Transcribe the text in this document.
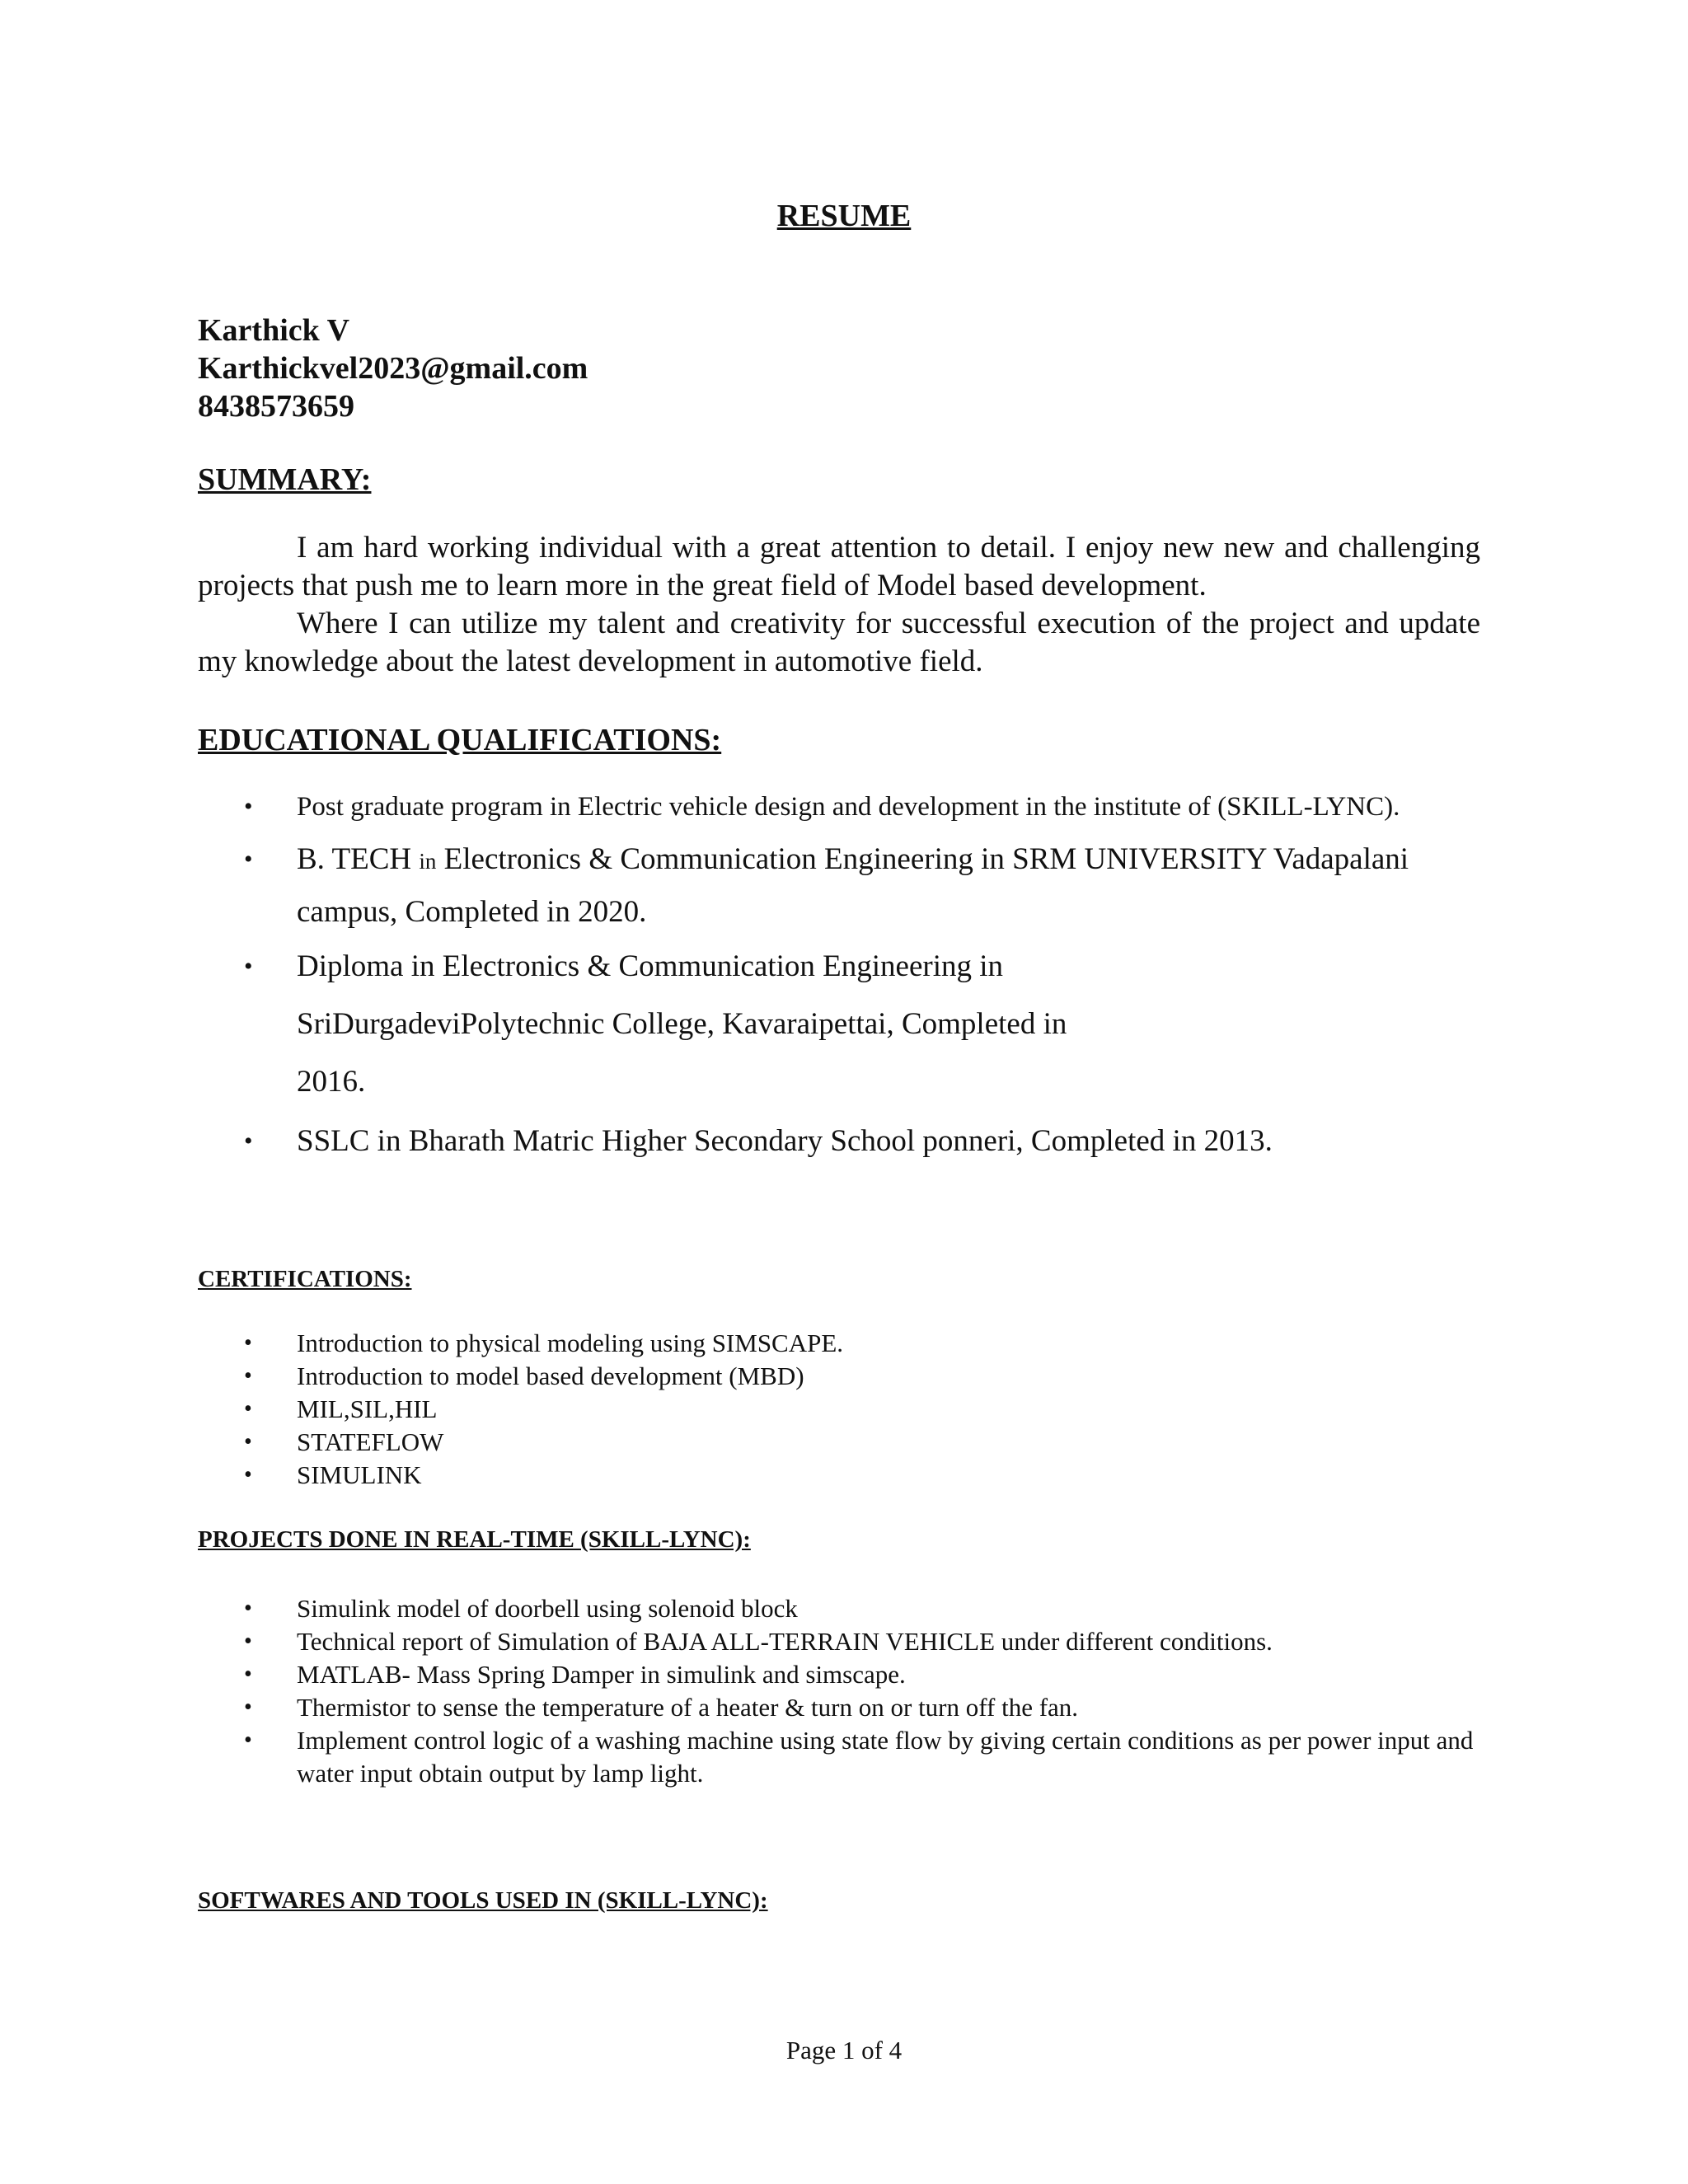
RESUME
Karthick V
Karthickvel2023@gmail.com
8438573659
SUMMARY:

I am hard working individual with a great attention to detail. I enjoy new new and challenging projects that push me to learn more in the great field of Model based development.

Where I can utilize my talent and creativity for successful execution of the project and update my knowledge about the latest development in automotive field.

EDUCATIONAL QUALIFICATIONS:
• Post graduate program in Electric vehicle design and development in the institute of (SKILL-LYNC).
• B. TECH in Electronics & Communication Engineering in SRM UNIVERSITY Vadapalani campus, Completed in 2020.
• Diploma in Electronics & Communication Engineering in
SriDurgadeviPolytechnic College, Kavaraipettai, Completed in
2016.
• SSLC in Bharath Matric Higher Secondary School ponneri, Completed in 2013.
CERTIFICATIONS:
• Introduction to physical modeling using SIMSCAPE.
• Introduction to model based development (MBD)
• MIL,SIL,HIL
• STATEFLOW
• SIMULINK
PROJECTS DONE IN REAL-TIME (SKILL-LYNC):
• Simulink model of doorbell using solenoid block
• Technical report of Simulation of BAJA ALL-TERRAIN VEHICLE under different conditions.
• MATLAB- Mass Spring Damper in simulink and simscape.
• Thermistor to sense the temperature of a heater & turn on or turn off the fan.
• Implement control logic of a washing machine using state flow by giving certain conditions as per power input and water input obtain output by lamp light.
SOFTWARES AND TOOLS USED IN (SKILL-LYNC):
Page 1 of 4
